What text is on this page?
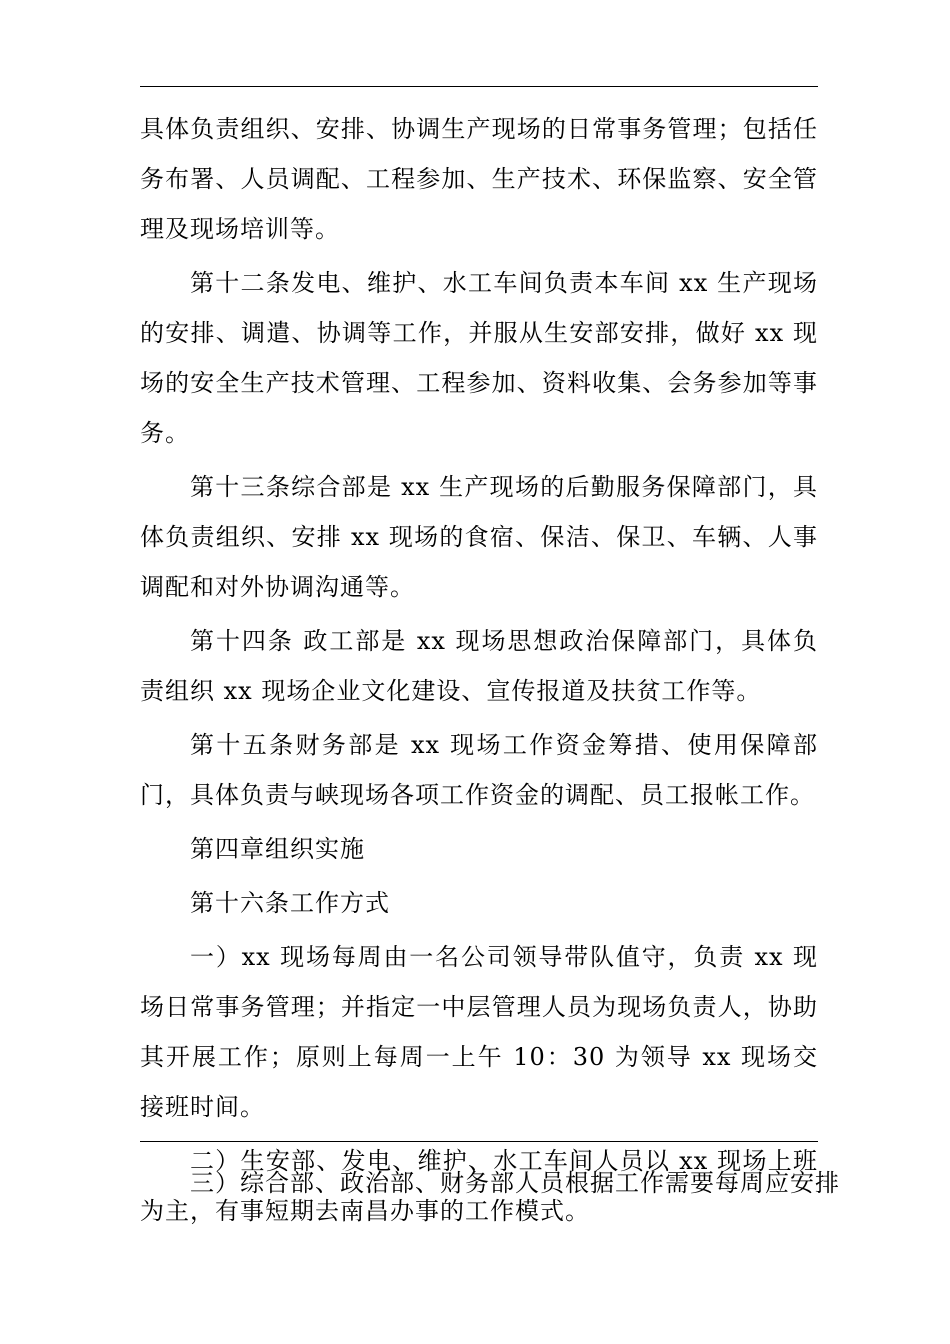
具体负责组织、安排、协调生产现场的日常事务管理；包括任务布署、人员调配、工程参加、生产技术、环保监察、安全管理及现场培训等。

第十二条发电、维护、水工车间负责本车间 xx 生产现场的安排、调遣、协调等工作，并服从生安部安排，做好 xx 现场的安全生产技术管理、工程参加、资料收集、会务参加等事务。

第十三条综合部是 xx 生产现场的后勤服务保障部门，具体负责组织、安排 xx 现场的食宿、保洁、保卫、车辆、人事调配和对外协调沟通等。

第十四条 政工部是 xx 现场思想政治保障部门，具体负责组织 xx 现场企业文化建设、宣传报道及扶贫工作等。

第十五条财务部是 xx 现场工作资金筹措、使用保障部门，具体负责与峡现场各项工作资金的调配、员工报帐工作。

第四章组织实施

第十六条工作方式

一）xx 现场每周由一名公司领导带队值守，负责 xx 现场日常事务管理；并指定一中层管理人员为现场负责人，协助其开展工作；原则上每周一上午 10：30 为领导 xx 现场交接班时间。

二）生安部、发电、维护、水工车间人员以 xx 现场上班为主，有事短期去南昌办事的工作模式。

三）综合部、政治部、财务部人员根据工作需要每周应安排
